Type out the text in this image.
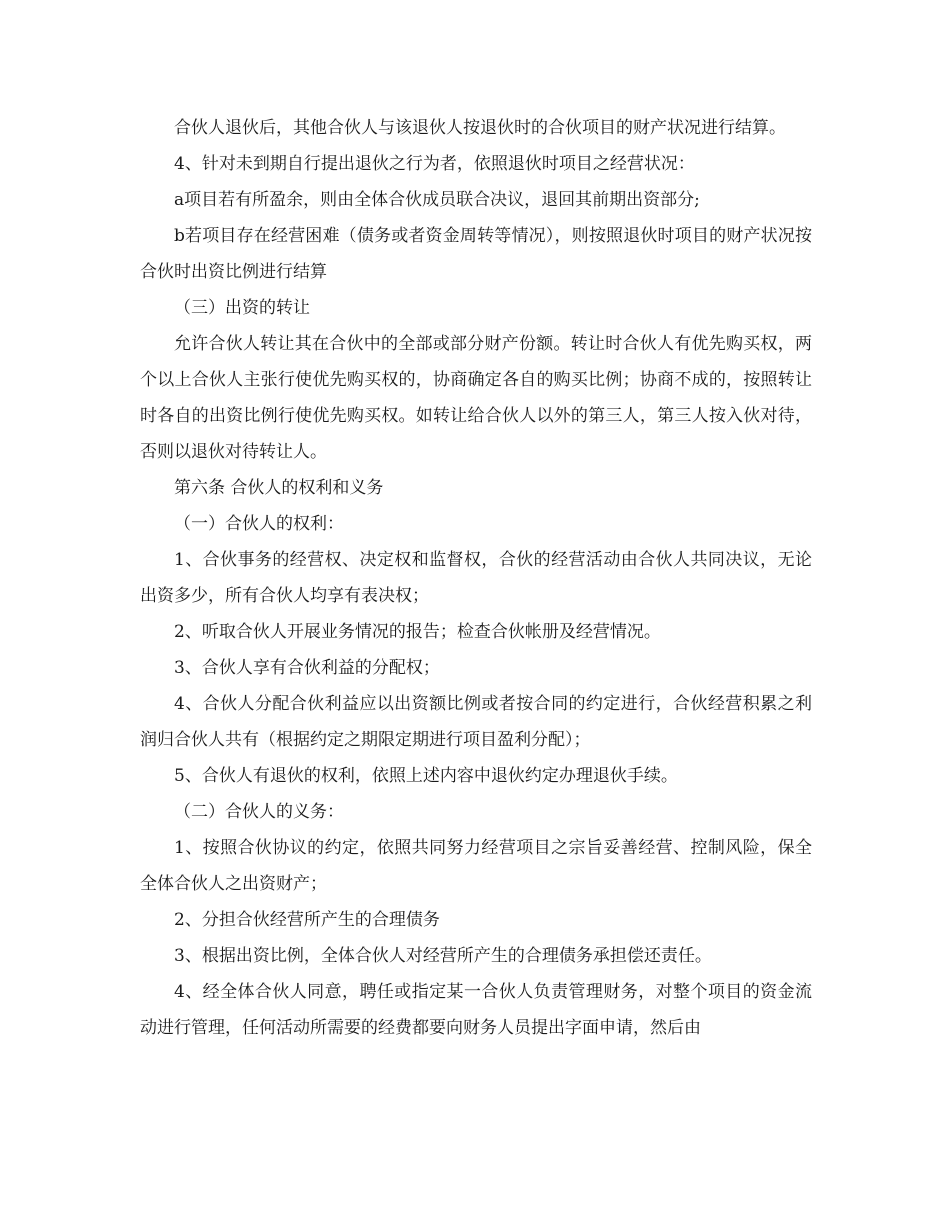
合伙人退伙后，其他合伙人与该退伙人按退伙时的合伙项目的财产状况进行结算。

4、针对未到期自行提出退伙之行为者，依照退伙时项目之经营状况：

a项目若有所盈余，则由全体合伙成员联合决议，退回其前期出资部分;

b若项目存在经营困难（债务或者资金周转等情况），则按照退伙时项目的财产状况按合伙时出资比例进行结算

（三）出资的转让

允许合伙人转让其在合伙中的全部或部分财产份额。转让时合伙人有优先购买权，两个以上合伙人主张行使优先购买权的，协商确定各自的购买比例；协商不成的，按照转让时各自的出资比例行使优先购买权。如转让给合伙人以外的第三人，第三人按入伙对待，否则以退伙对待转让人。

第六条 合伙人的权利和义务

（一）合伙人的权利：

1、合伙事务的经营权、决定权和监督权，合伙的经营活动由合伙人共同决议，无论出资多少，所有合伙人均享有表决权；

2、听取合伙人开展业务情况的报告；检查合伙帐册及经营情况。

3、合伙人享有合伙利益的分配权；

4、合伙人分配合伙利益应以出资额比例或者按合同的约定进行，合伙经营积累之利润归合伙人共有（根据约定之期限定期进行项目盈利分配）；

5、合伙人有退伙的权利，依照上述内容中退伙约定办理退伙手续。

（二）合伙人的义务：

1、按照合伙协议的约定，依照共同努力经营项目之宗旨妥善经营、控制风险，保全全体合伙人之出资财产；

2、分担合伙经营所产生的合理债务

3、根据出资比例，全体合伙人对经营所产生的合理债务承担偿还责任。

4、经全体合伙人同意，聘任或指定某一合伙人负责管理财务，对整个项目的资金流动进行管理，任何活动所需要的经费都要向财务人员提出字面申请，然后由
